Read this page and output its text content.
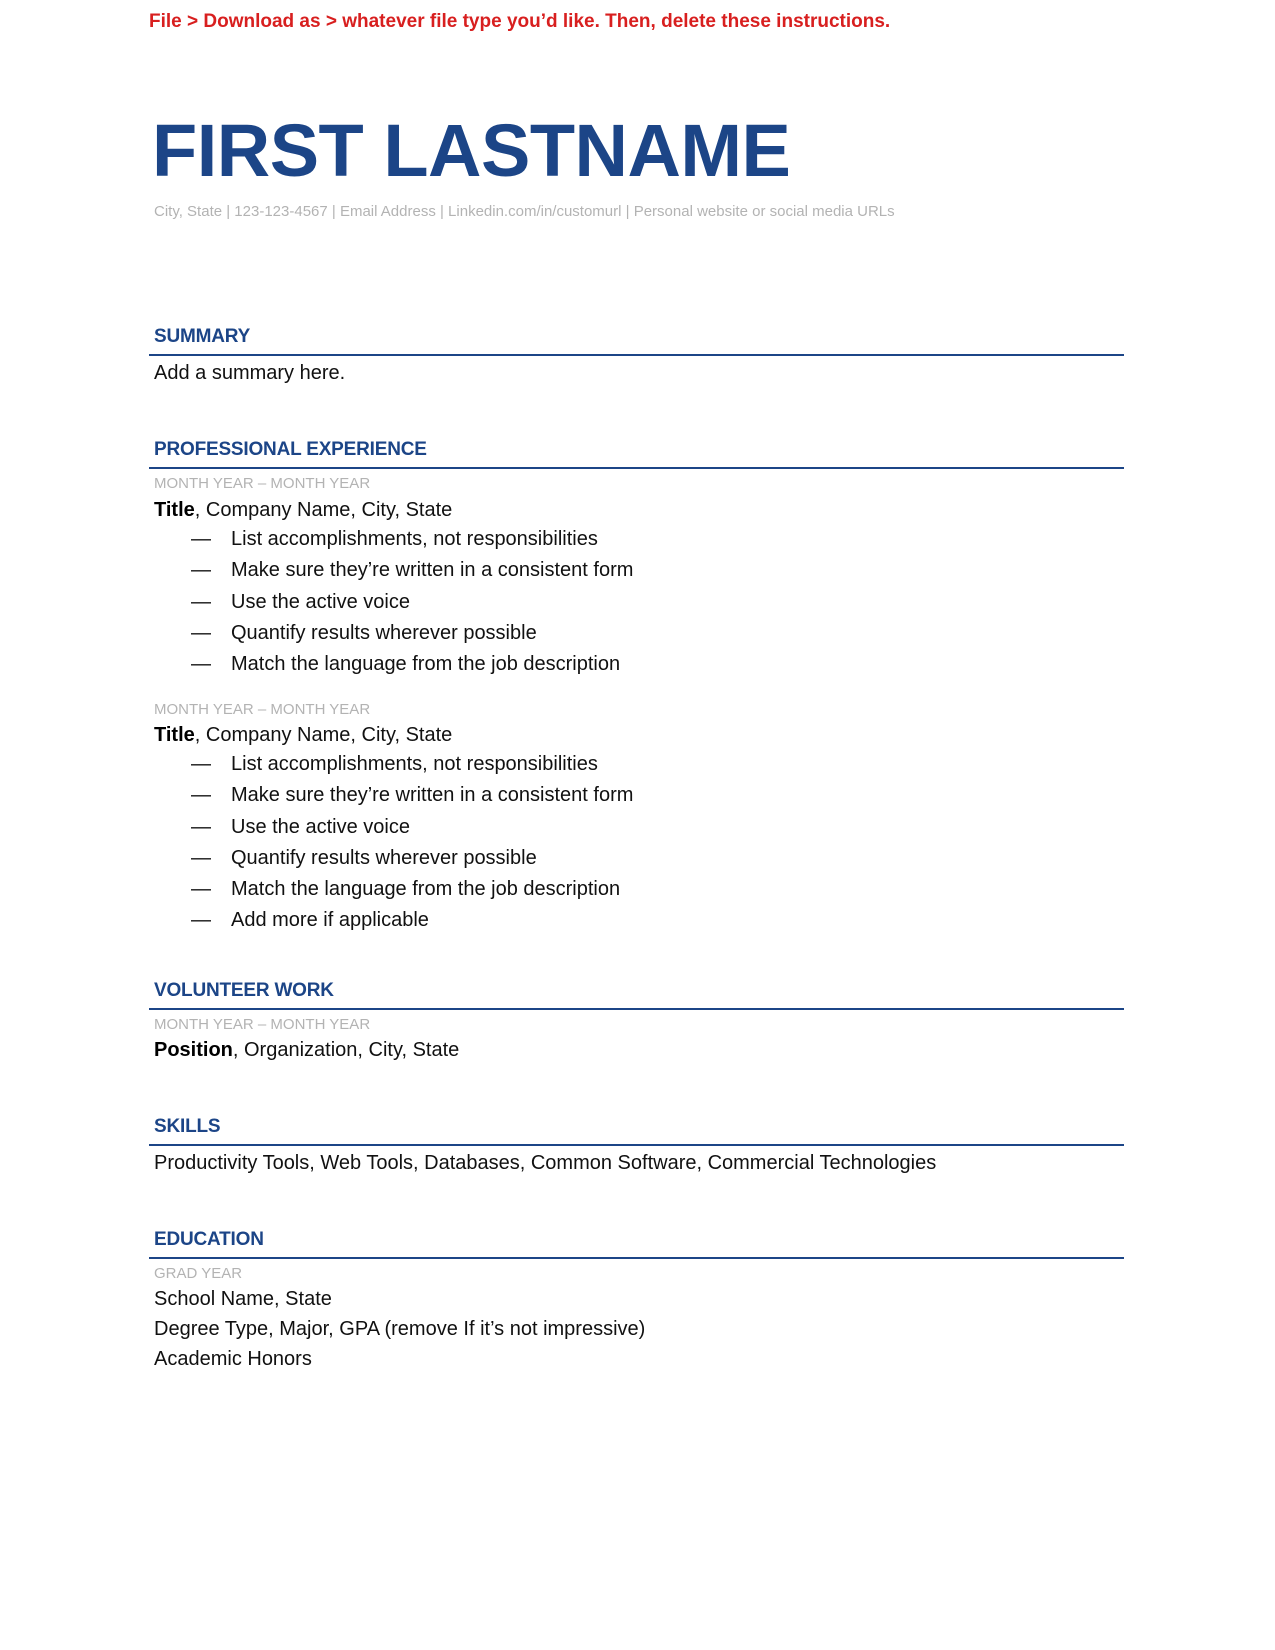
File > Download as > whatever file type you’d like. Then, delete these instructions.
FIRST LASTNAME
City, State | 123-123-4567 | Email Address | Linkedin.com/in/customurl | Personal website or social media URLs
SUMMARY
Add a summary here.
PROFESSIONAL EXPERIENCE
MONTH YEAR – MONTH YEAR
Title, Company Name, City, State
— List accomplishments, not responsibilities
— Make sure they’re written in a consistent form
— Use the active voice
— Quantify results wherever possible
— Match the language from the job description
MONTH YEAR – MONTH YEAR
Title, Company Name, City, State
— List accomplishments, not responsibilities
— Make sure they’re written in a consistent form
— Use the active voice
— Quantify results wherever possible
— Match the language from the job description
— Add more if applicable
VOLUNTEER WORK
MONTH YEAR – MONTH YEAR
Position, Organization, City, State
SKILLS
Productivity Tools, Web Tools, Databases, Common Software, Commercial Technologies
EDUCATION
GRAD YEAR
School Name, State
Degree Type, Major, GPA (remove If it’s not impressive)
Academic Honors
